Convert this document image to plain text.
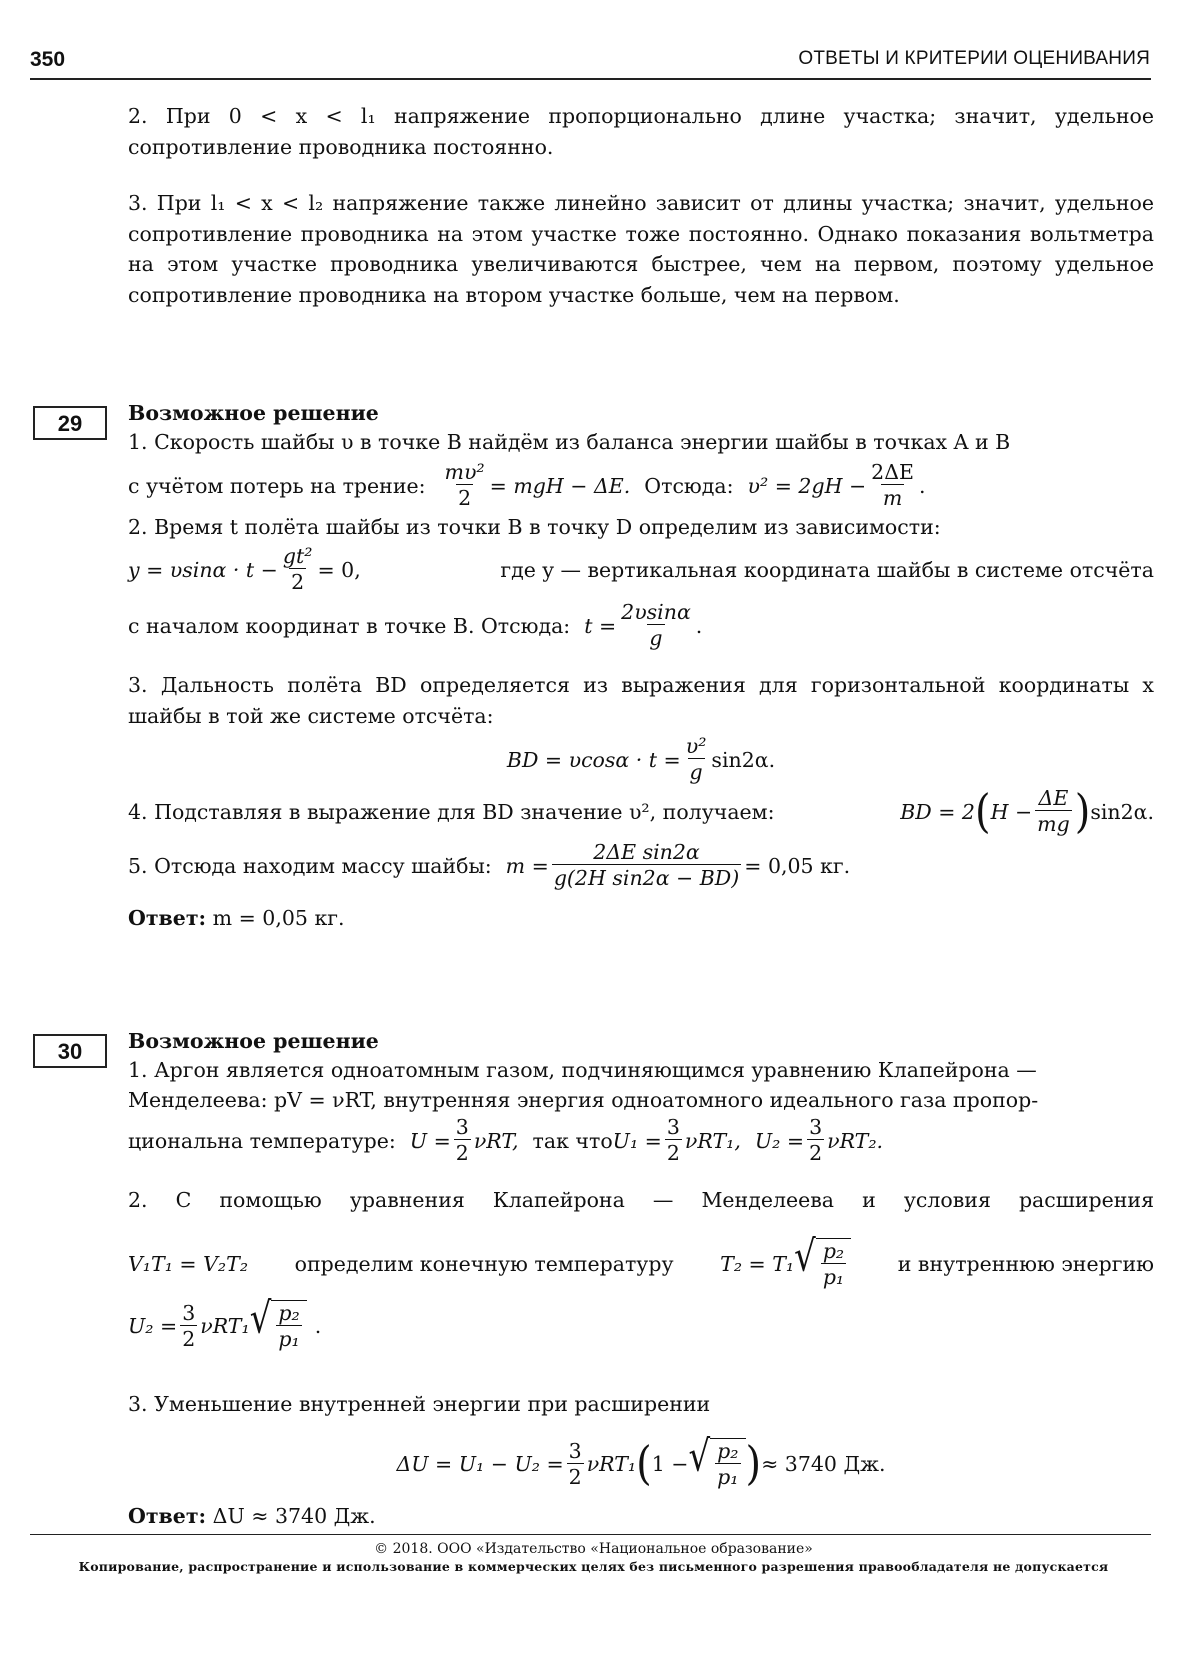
350	ОТВЕТЫ И КРИТЕРИИ ОЦЕНИВАНИЯ
2. При 0 < x < l₁ напряжение пропорционально длине участка; значит, удельное сопротивление проводника постоянно.
3. При l₁ < x < l₂ напряжение также линейно зависит от длины участка; значит, удельное сопротивление проводника на этом участке тоже постоянно. Однако показания вольтметра на этом участке проводника увеличиваются быстрее, чем на первом, поэтому удельное сопротивление проводника на втором участке больше, чем на первом.
29	Возможное решение
1. Скорость шайбы υ в точке B найдём из баланса энергии шайбы в точках A и B
с учётом потерь на трение: $\frac{\text{mυ²}}{2}$ = mgH − ΔE. Отсюда: $\upsilon^2 = 2gH - \frac{2\Delta E}{m}$ .
2. Время t полёта шайбы из точки B в точку D определим из зависимости:
$y = \upsilon\sin\alpha \cdot t - \frac{\text{gt²}}{2} = 0$,	где y — вертикальная координата шайбы в системе отсчёта
с началом координат в точке В. Отсюда: $t = \frac{2\upsilon\sin\alpha}{g}$ .
3. Дальность полёта BD определяется из выражения для горизонтальной координаты x шайбы в той же системе отсчёта:
BD = $\upsilon\cos\alpha \cdot t = \frac{\text{υ²}}{g} \sin 2\alpha$.
4. Подставляя в выражение для BD значение υ², получаем:	BD = 2 ( $H - \frac{\Delta E}{mg}$ ) sin2α.
5. Отсюда находим массу шайбы: $m = \frac{\text{2ΔE sin2α}}{\text{g(2H sin2α − BD)}} = 0,05$ кг.
Ответ: m = 0,05 кг.
30	Возможное решение
1. Аргон является одноатомным газом, подчиняющимся уравнению Клапейрона —
Менделеева: pV = νRT, внутренняя энергия одноатомного идеального газа пропор-
циональна температуре: $U = \frac{3}{2} \nu RT$, так что $U_1 = \frac{3}{2} \nu RT_1$, $U_2 = \frac{3}{2} \nu RT_2$.
2. С помощью уравнения Клапейрона — Менделеева и условия расширения
V₁T₁ = V₂T₂ определим конечную температуру T₂ = T₁ √ $\frac{\text{p₂}}{\text{p₁}}$	и внутреннюю энергию
$U_2 = \frac{3}{2} \nu RT_1$ √ $\frac{\text{p₂}}{\text{p₁}}$ .
3. Уменьшение внутренней энергии при расширении
$\Delta U = U_1 - U_2 = \frac{3}{2} \nu RT_1$ ( 1 − √ $\frac{\text{p₂}}{\text{p₁}}$ ) ≈ 3740 Дж.
Ответ: ΔU ≈ 3740 Дж.
© 2018. ООО «Издательство «Национальное образование»
Копирование, распространение и использование в коммерческих целях без письменного разрешения правообладателя не допускается
